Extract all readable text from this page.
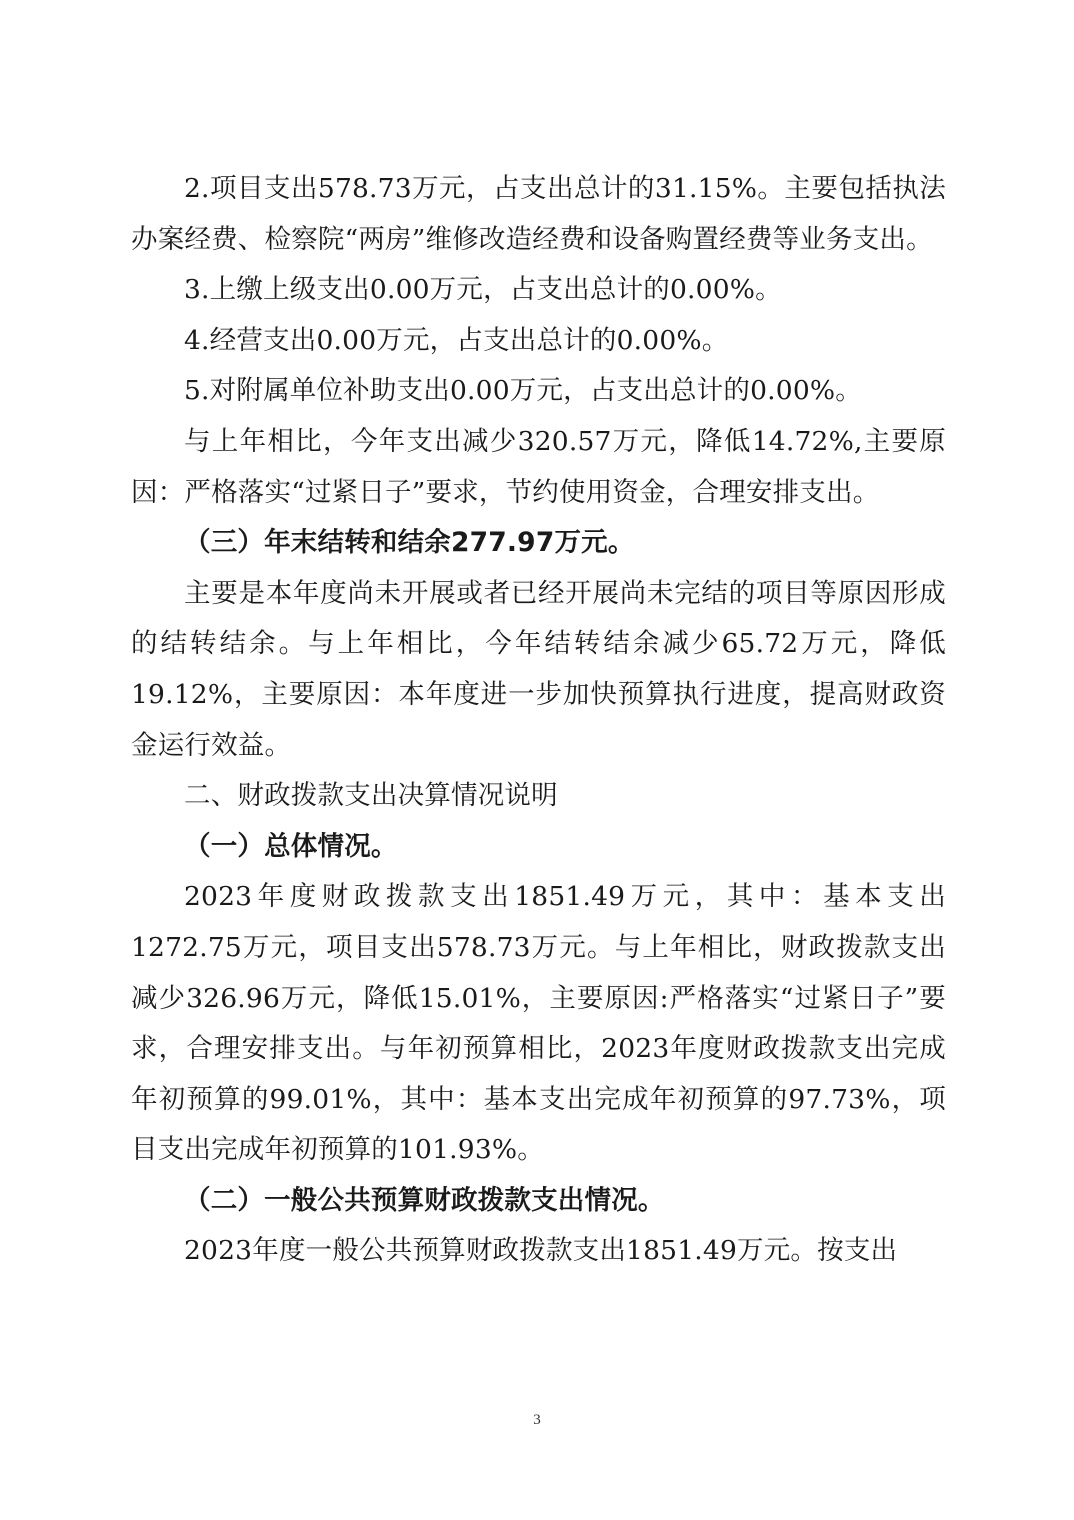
2.项目支出578.73万元，占支出总计的31.15%。主要包括执法办案经费、检察院“两房”维修改造经费和设备购置经费等业务支出。

3.上缴上级支出0.00万元，占支出总计的0.00%。

4.经营支出0.00万元，占支出总计的0.00%。

5.对附属单位补助支出0.00万元，占支出总计的0.00%。

与上年相比，今年支出减少320.57万元，降低14.72%,主要原因：严格落实“过紧日子”要求，节约使用资金，合理安排支出。

（三）年末结转和结余277.97万元。

主要是本年度尚未开展或者已经开展尚未完结的项目等原因形成的结转结余。与上年相比，今年结转结余减少65.72万元，降低19.12%，主要原因：本年度进一步加快预算执行进度，提高财政资金运行效益。

二、财政拨款支出决算情况说明

（一）总体情况。

2023年度财政拨款支出1851.49万元，其中：基本支出1272.75万元，项目支出578.73万元。与上年相比，财政拨款支出减少326.96万元，降低15.01%，主要原因:严格落实“过紧日子”要求，合理安排支出。与年初预算相比，2023年度财政拨款支出完成年初预算的99.01%，其中：基本支出完成年初预算的97.73%，项目支出完成年初预算的101.93%。

（二）一般公共预算财政拨款支出情况。

2023年度一般公共预算财政拨款支出1851.49万元。按支出

3
